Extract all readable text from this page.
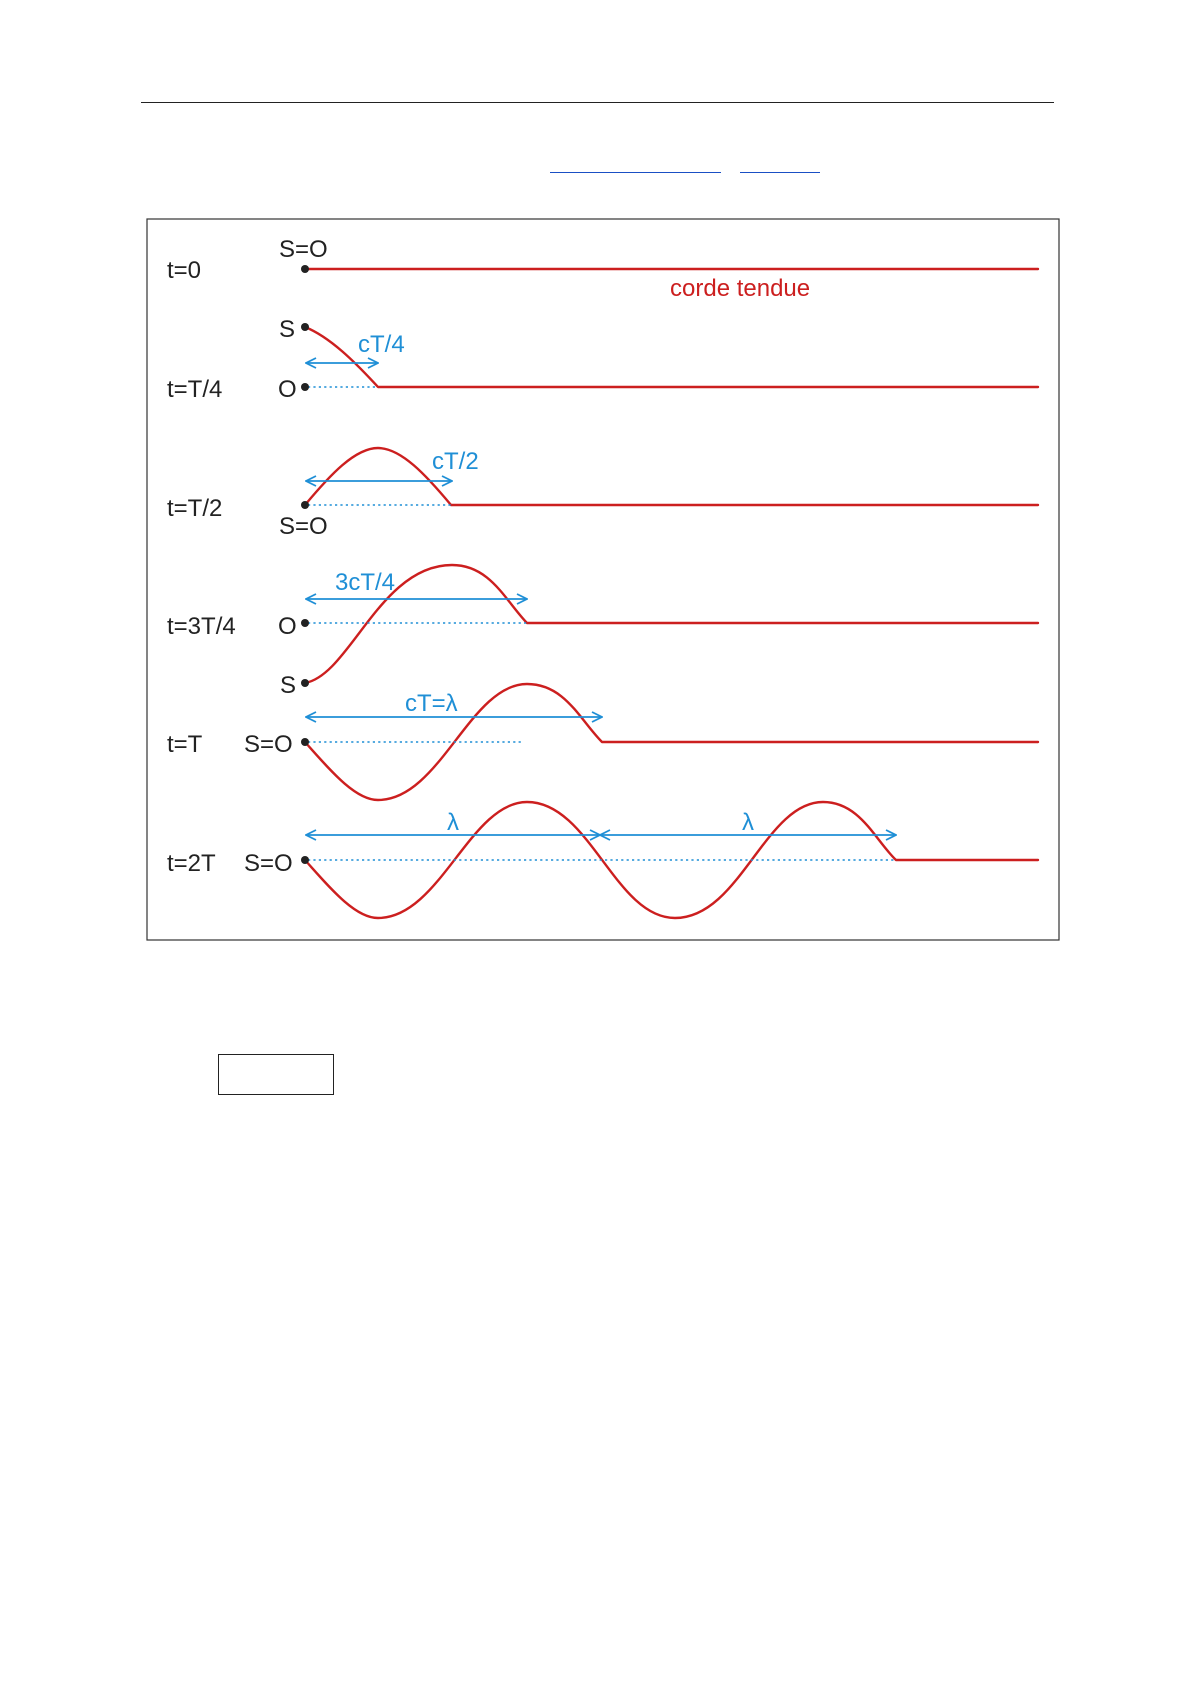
t=0
t=T/4
t=T/2
t=3T/4
t=T
t=2T
S=O
S
O
S=O
O
S
S=O
S=O
corde tendue
cT/4
cT/2
3cT/4
cT=λ
λ	λ
